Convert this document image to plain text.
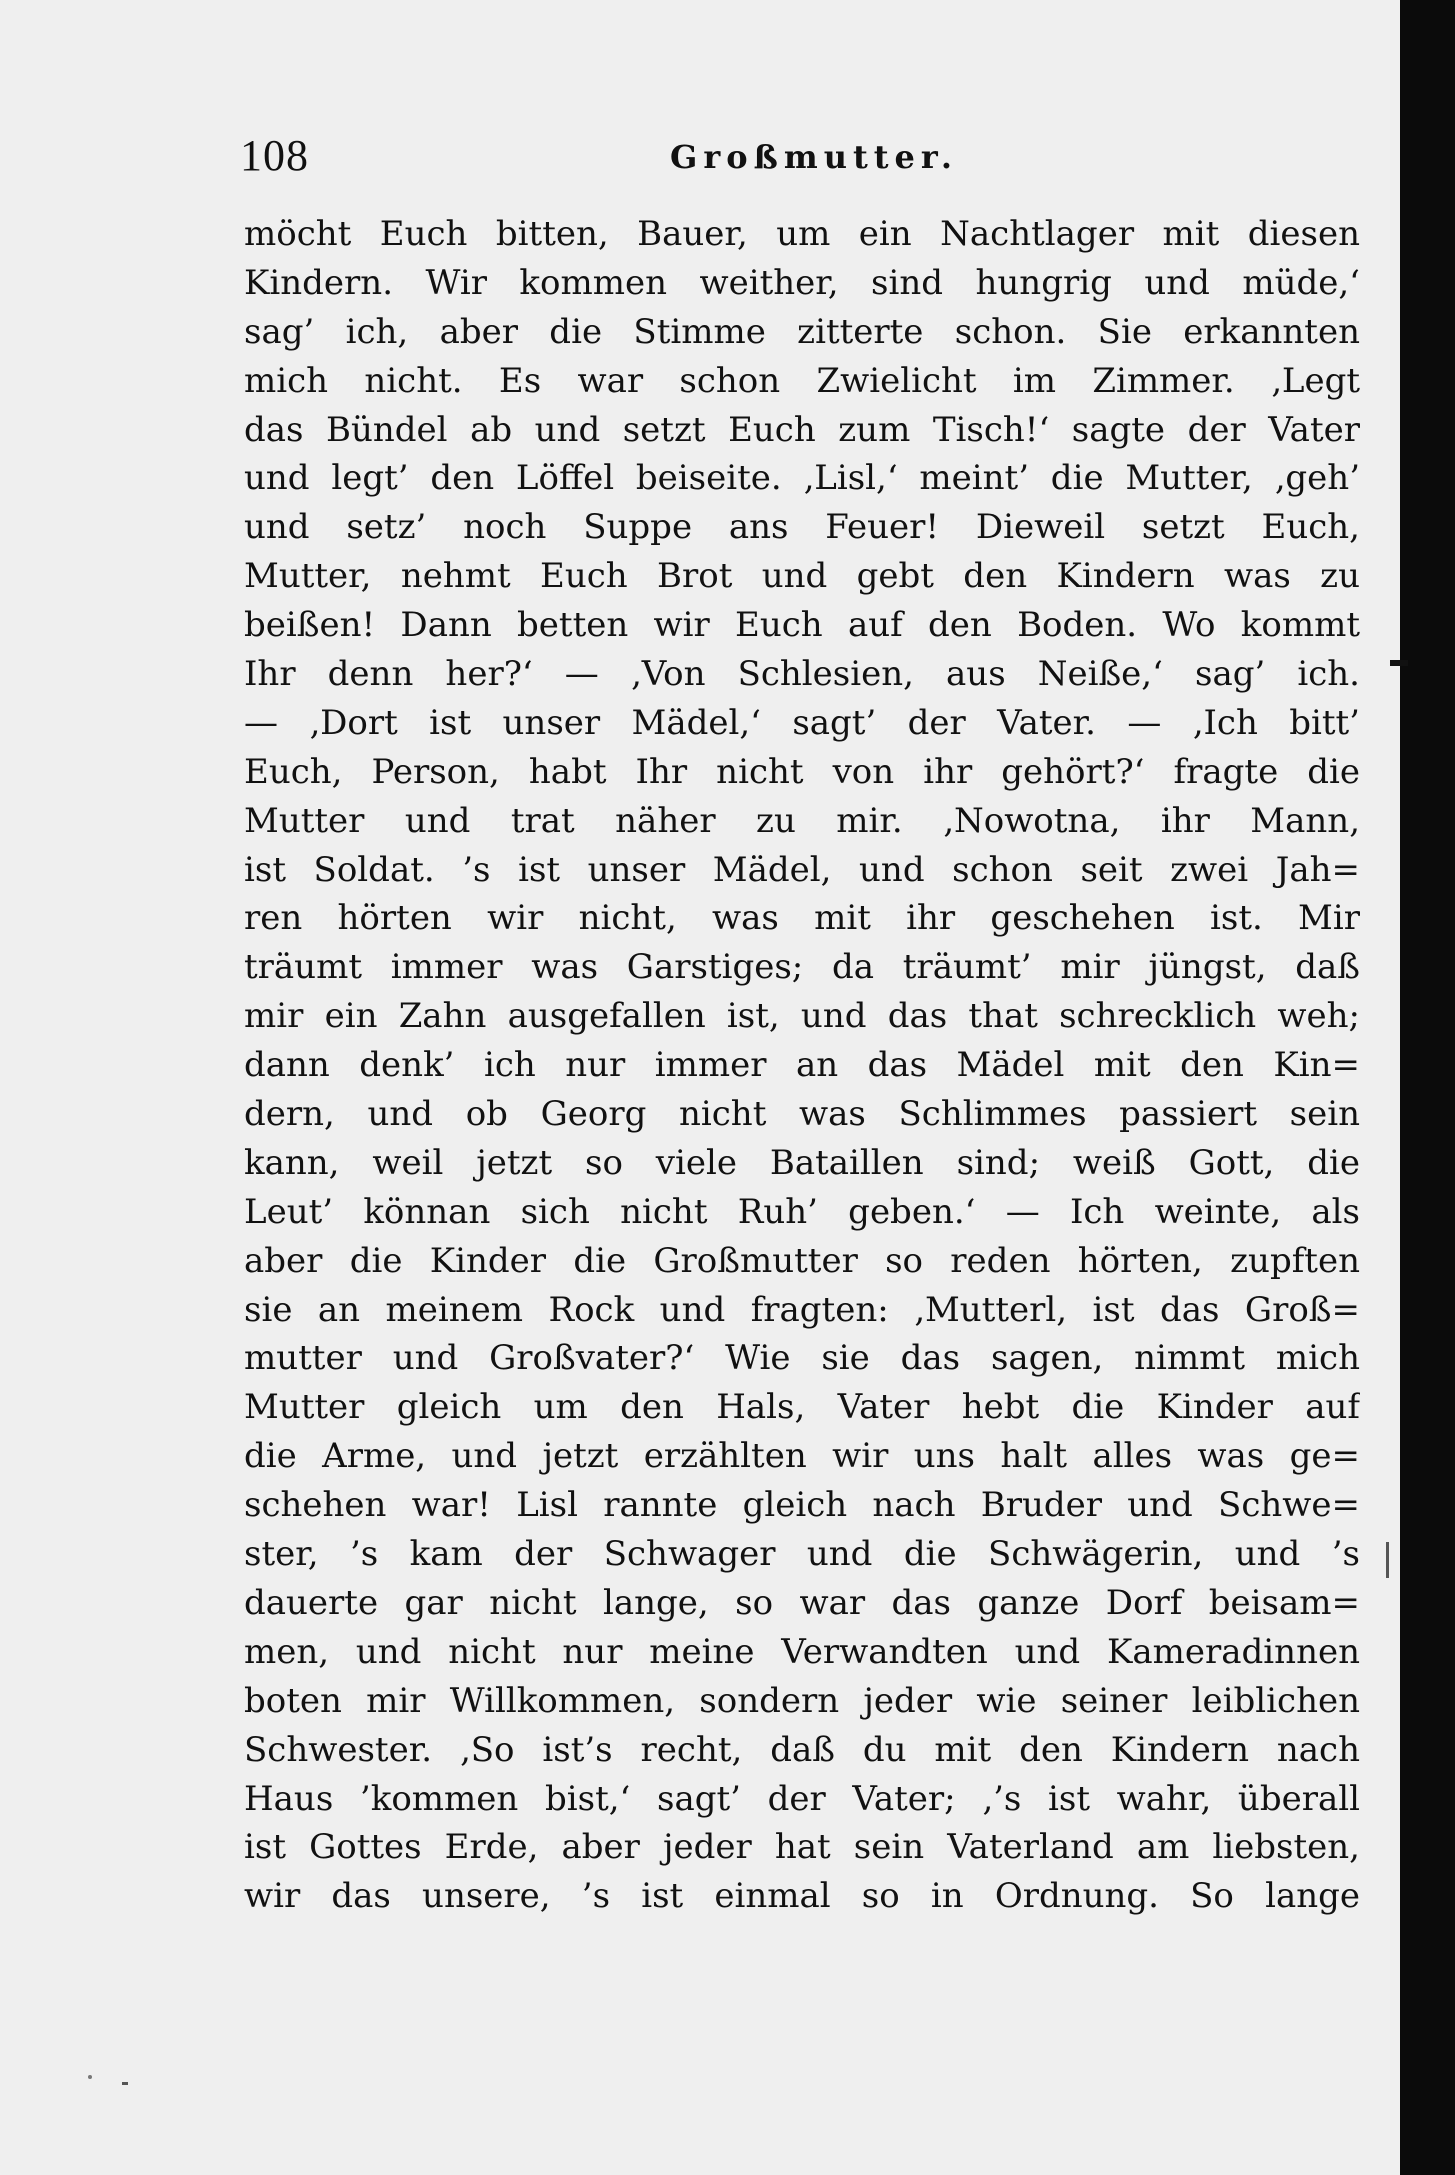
108	Großmutter.
möcht Euch bitten, Bauer, um ein Nachtlager mit diesen
Kindern. Wir kommen weither, sind hungrig und müde,‘
sag’ ich, aber die Stimme zitterte schon. Sie erkannten
mich nicht. Es war schon Zwielicht im Zimmer. ‚Legt
das Bündel ab und setzt Euch zum Tisch!‘ sagte der Vater
und legt’ den Löffel beiseite. ‚Lisl,‘ meint’ die Mutter, ‚geh’
und setz’ noch Suppe ans Feuer! Dieweil setzt Euch,
Mutter, nehmt Euch Brot und gebt den Kindern was zu
beißen! Dann betten wir Euch auf den Boden. Wo kommt
Ihr denn her?‘ — ‚Von Schlesien, aus Neiße,‘ sag’ ich.
— ‚Dort ist unser Mädel,‘ sagt’ der Vater. — ‚Ich bitt’
Euch, Person, habt Ihr nicht von ihr gehört?‘ fragte die
Mutter und trat näher zu mir. ‚Nowotna, ihr Mann,
ist Soldat. ’s ist unser Mädel, und schon seit zwei Jah=
ren hörten wir nicht, was mit ihr geschehen ist. Mir
träumt immer was Garstiges; da träumt’ mir jüngst, daß
mir ein Zahn ausgefallen ist, und das that schrecklich weh;
dann denk’ ich nur immer an das Mädel mit den Kin=
dern, und ob Georg nicht was Schlimmes passiert sein
kann, weil jetzt so viele Bataillen sind; weiß Gott, die
Leut’ könnan sich nicht Ruh’ geben.‘ — Ich weinte, als
aber die Kinder die Großmutter so reden hörten, zupften
sie an meinem Rock und fragten: ‚Mutterl, ist das Groß=
mutter und Großvater?‘ Wie sie das sagen, nimmt mich
Mutter gleich um den Hals, Vater hebt die Kinder auf
die Arme, und jetzt erzählten wir uns halt alles was ge=
schehen war! Lisl rannte gleich nach Bruder und Schwe=
ster, ’s kam der Schwager und die Schwägerin, und ’s
dauerte gar nicht lange, so war das ganze Dorf beisam=
men, und nicht nur meine Verwandten und Kameradinnen
boten mir Willkommen, sondern jeder wie seiner leiblichen
Schwester. ‚So ist’s recht, daß du mit den Kindern nach
Haus ’kommen bist,‘ sagt’ der Vater; ‚’s ist wahr, überall
ist Gottes Erde, aber jeder hat sein Vaterland am liebsten,
wir das unsere, ’s ist einmal so in Ordnung. So lange
